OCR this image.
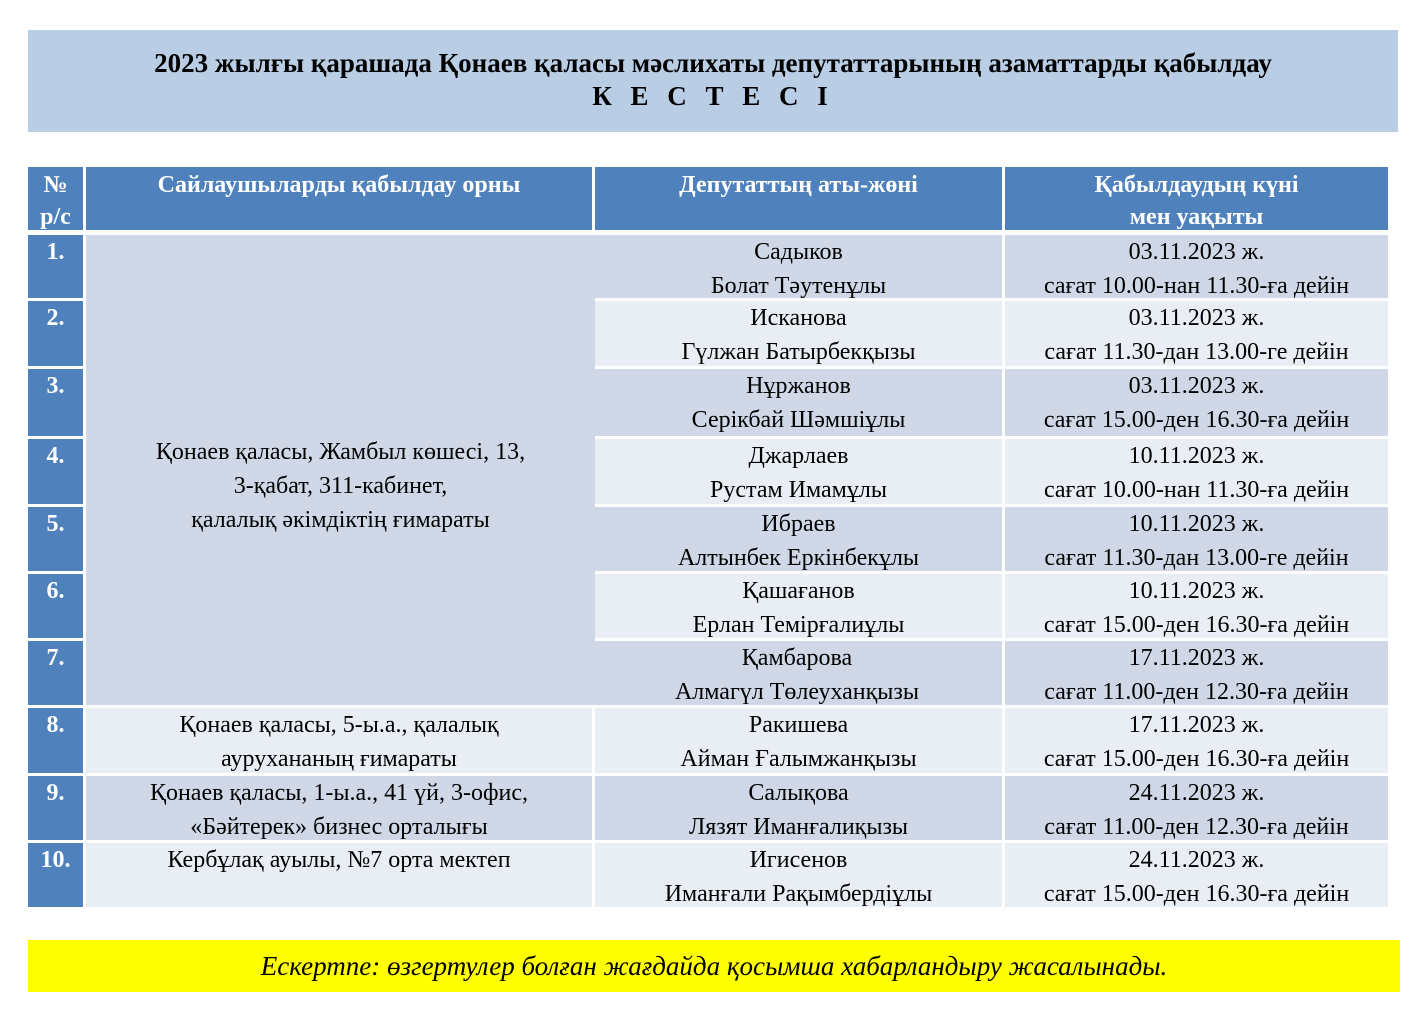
2023 жылғы қарашада Қонаев қаласы мәслихаты депутаттарының азаматтарды қабылдау
К Е С Т Е С І
№
р/с
Сайлаушыларды қабылдау орны	Депутаттың аты-жөні	Қабылдаудың күні
мен уақыты
1.
2.
3.
4.
5.
6.
7.
8.
9.
10.
Қонаев қаласы, Жамбыл көшесі, 13,
3-қабат, 311-кабинет,
қалалық әкімдіктің ғимараты
Қонаев қаласы, 5-ы.а., қалалық
аурухананың ғимараты
Қонаев қаласы, 1-ы.а., 41 үй, 3-офис,
«Бәйтерек» бизнес орталығы
Кербұлақ ауылы, №7 орта мектеп
Садыков
Болат Тәутенұлы
Исканова
Гүлжан Батырбекқызы
Нұржанов
Серікбай Шәмшіұлы
Джарлаев
Рустам Имамұлы
Ибраев
Алтынбек Еркінбекұлы
Қашағанов
Ерлан Темірғалиұлы
Қамбарова
Алмагүл Төлеуханқызы
Ракишева
Айман Ғалымжанқызы
Салықова
Лязят Иманғалиқызы
Игисенов
Иманғали Рақымбердіұлы
03.11.2023 ж.
сағат 10.00-нан 11.30-ға дейін
03.11.2023 ж.
сағат 11.30-дан 13.00-ге дейін
03.11.2023 ж.
сағат 15.00-ден 16.30-ға дейін
10.11.2023 ж.
сағат 10.00-нан 11.30-ға дейін
10.11.2023 ж.
сағат 11.30-дан 13.00-ге дейін
10.11.2023 ж.
сағат 15.00-ден 16.30-ға дейін
17.11.2023 ж.
сағат 11.00-ден 12.30-ға дейін
17.11.2023 ж.
сағат 15.00-ден 16.30-ға дейін
24.11.2023 ж.
сағат 11.00-ден 12.30-ға дейін
24.11.2023 ж.
сағат 15.00-ден 16.30-ға дейін
Ескертпе: өзгертулер болған жағдайда қосымша хабарландыру жасалынады.
